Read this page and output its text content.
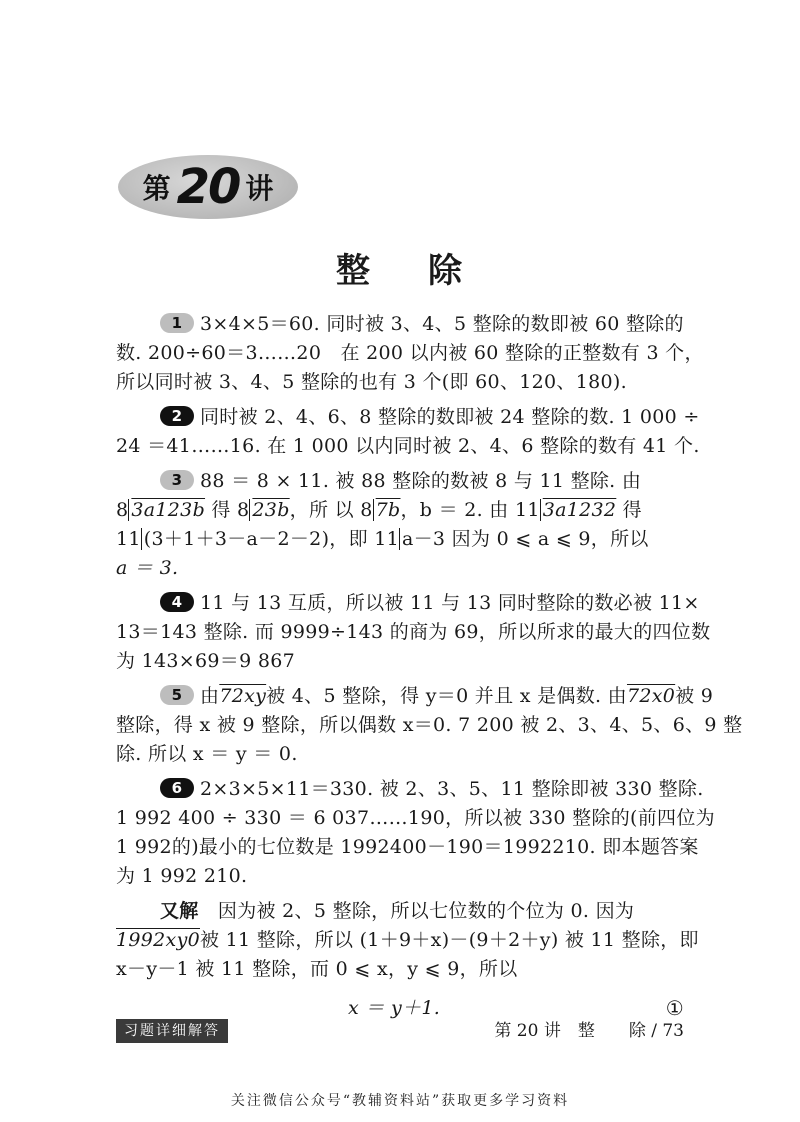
第 20 讲
整 除
1 3×4×5＝60. 同时被 3、4、5 整除的数即被 60 整除的
数. 200÷60＝3……20　在 200 以内被 60 整除的正整数有 3 个，
所以同时被 3、4、5 整除的也有 3 个(即 60、120、180).
2 同时被 2、4、6、8 整除的数即被 24 整除的数. 1 000 ÷
24 ＝41……16. 在 1 000 以内同时被 2、4、6 整除的数有 41 个.
3 88 ＝ 8 × 11. 被 88 整除的数被 8 与 11 整除. 由
8 3a123b 得 8 23b，所 以 8 7b，b ＝ 2. 由 11 3a1232 得
11 (3＋1＋3－a－2－2)，即 11 a－3 因为 0 ⩽ a ⩽ 9，所以
a ＝ 3.
4 11 与 13 互质，所以被 11 与 13 同时整除的数必被 11×
13＝143 整除. 而 9999÷143 的商为 69，所以所求的最大的四位数
为 143×69＝9 867
5 由72xy被 4、5 整除，得 y＝0 并且 x 是偶数. 由72x0被 9
整除，得 x 被 9 整除，所以偶数 x＝0. 7 200 被 2、3、4、5、6、9 整
除. 所以 x ＝ y ＝ 0.
6 2×3×5×11＝330. 被 2、3、5、11 整除即被 330 整除.
1 992 400 ÷ 330 ＝ 6 037……190，所以被 330 整除的(前四位为
1 992的)最小的七位数是 1992400－190＝1992210. 即本题答案
为 1 992 210.
又解　因为被 2、5 整除，所以七位数的个位为 0. 因为
1992xy0被 11 整除，所以 (1＋9＋x)－(9＋2＋y) 被 11 整除，即
x－y－1 被 11 整除，而 0 ⩽ x，y ⩽ 9，所以
x ＝ y＋1.	①
习题详细解答	第 20 讲　整　　除 / 73
关注微信公众号“教辅资料站”获取更多学习资料
